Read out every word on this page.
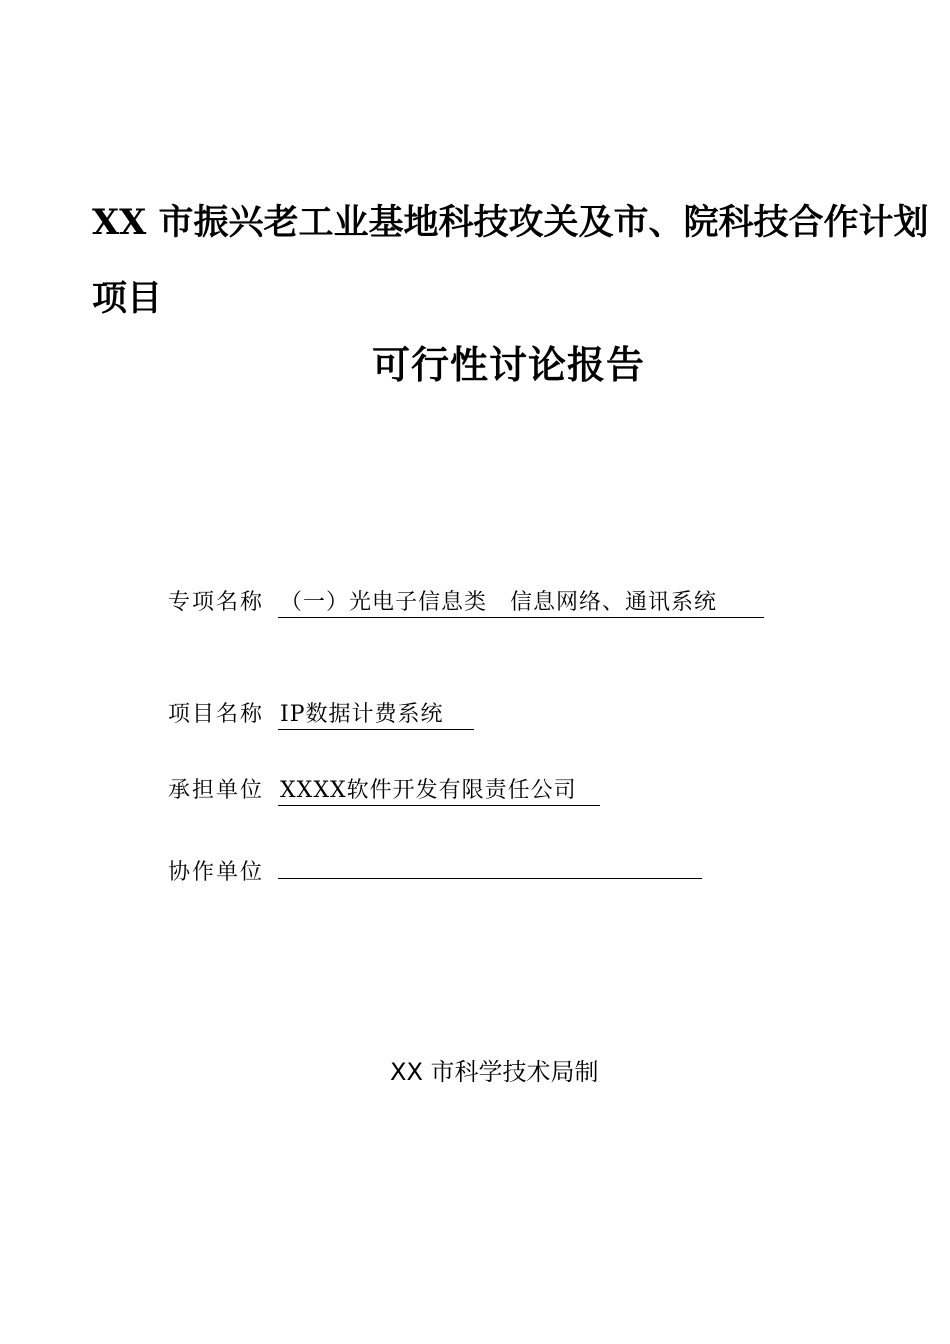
XX 市振兴老工业基地科技攻关及市、院科技合作计划
项目
可行性讨论报告
专项名称 （一）光电子信息类　信息网络、通讯系统
项目名称 IP数据计费系统
承担单位 XXXX软件开发有限责任公司
协作单位
XX 市科学技术局制
